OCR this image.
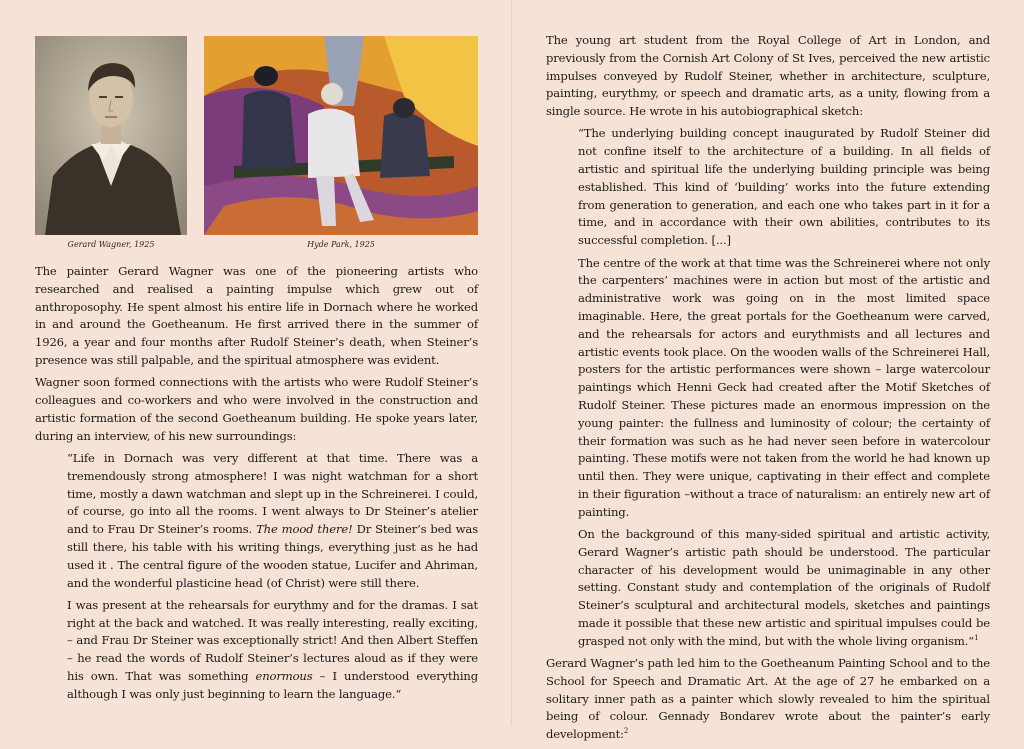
Gerard Wagner, 1925	Hyde Park, 1925

The painter Gerard Wagner was one of the pioneering artists who researched and realised a painting impulse which grew out of anthroposophy. He spent almost his entire life in Dornach where he worked in and around the Goetheanum. He first arrived there in the summer of 1926, a year and four months after Rudolf Steiner’s death, when Steiner’s presence was still palpable, and the spiritual atmosphere was evident.

Wagner soon formed connections with the artists who were Rudolf Steiner’s colleagues and co-workers and who were involved in the construction and artistic formation of the second Goetheanum building. He spoke years later, during an interview, of his new surroundings:

“Life in Dornach was very different at that time. There was a tremendously strong atmosphere! I was night watchman for a short time, mostly a dawn watchman and slept up in the Schreinerei. I could, of course, go into all the rooms. I went always to Dr Steiner’s atelier and to Frau Dr Steiner’s rooms. The mood there! Dr Steiner’s bed was still there, his table with his writing things, everything just as he had used it . The central figure of the wooden statue, Lucifer and Ahriman, and the wonderful plasticine head (of Christ) were still there.

I was present at the rehearsals for eurythmy and for the dramas. I sat right at the back and watched. It was really interesting, really exciting, – and Frau Dr Steiner was exceptionally strict! And then Albert Steffen – he read the words of Rudolf Steiner’s lectures aloud as if they were his own. That was something enormous – I understood everything although I was only just beginning to learn the language.“

The young art student from the Royal College of Art in London, and previously from the Cornish Art Colony of St Ives, perceived the new artistic impulses conveyed by Rudolf Steiner, whether in architecture, sculpture, painting, eurythmy, or speech and dramatic arts, as a unity, flowing from a single source. He wrote in his autobiographical sketch:

“The underlying building concept inaugurated by Rudolf Steiner did not confine itself to the architecture of a building. In all fields of artistic and spiritual life the underlying building principle was being established. This kind of ‘building’ works into the future extending from generation to generation, and each one who takes part in it for a time, and in accordance with their own abilities, contributes to its successful completion. [...]

The centre of the work at that time was the Schreinerei where not only the carpenters’ machines were in action but most of the artistic and administrative work was going on in the most limited space imaginable. Here, the great portals for the Goetheanum were carved, and the rehearsals for actors and eurythmists and all lectures and artistic events took place. On the wooden walls of the Schreinerei Hall, posters for the artistic performances were shown – large watercolour paintings which Henni Geck had created after the Motif Sketches of Rudolf Steiner. These pictures made an enormous impression on the young painter: the fullness and luminosity of colour; the certainty of their formation was such as he had never seen before in watercolour painting. These motifs were not taken from the world he had known up until then. They were unique, captivating in their effect and complete in their figuration –without a trace of naturalism: an entirely new art of painting.

On the background of this many-sided spiritual and artistic activity, Gerard Wagner’s artistic path should be understood. The particular character of his development would be unimaginable in any other setting. Constant study and contemplation of the originals of Rudolf Steiner’s sculptural and architectural models, sketches and paintings made it possible that these new artistic and spiritual impulses could be grasped not only with the mind, but with the whole living organism.“$^1$

Gerard Wagner’s path led him to the Goetheanum Painting School and to the School for Speech and Dramatic Art. At the age of 27 he embarked on a solitary inner path as a painter which slowly revealed to him the spiritual being of colour. Gennady Bondarev wrote about the painter’s early development:$^2$
